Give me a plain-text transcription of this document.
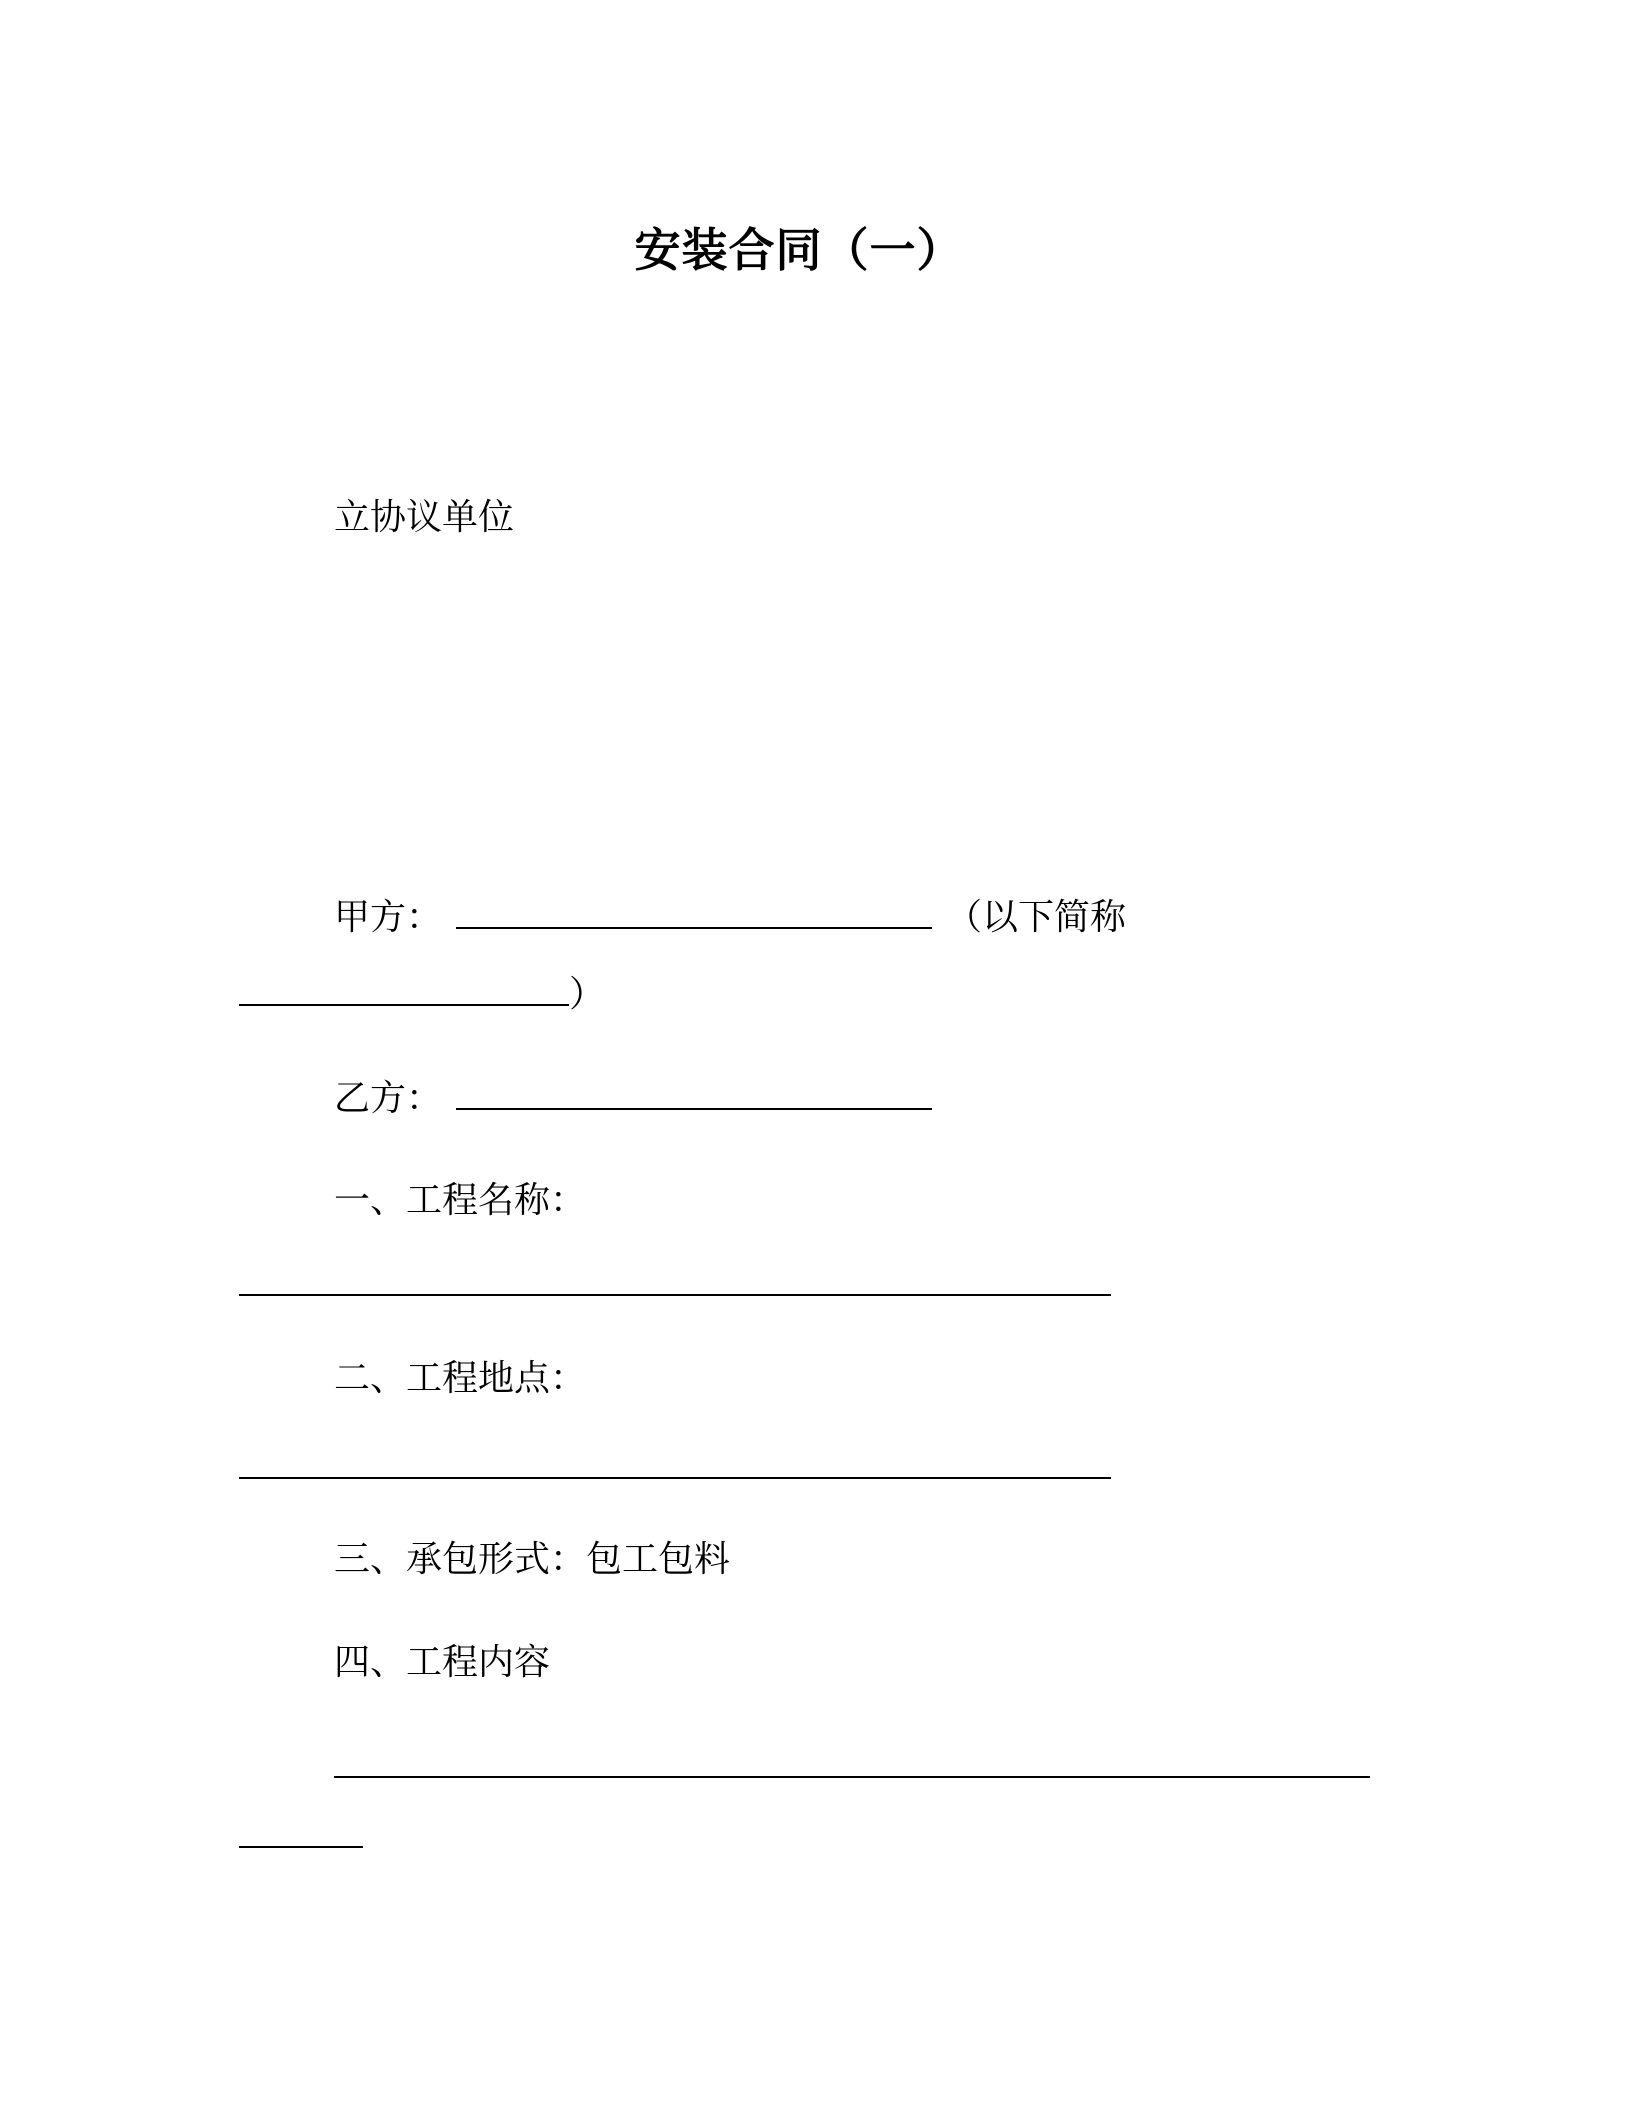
安装合同（一）
立协议单位
甲方：	（以下简称
）
乙方：
一、工程名称：
二、工程地点：
三、承包形式：包工包料
四、工程内容
